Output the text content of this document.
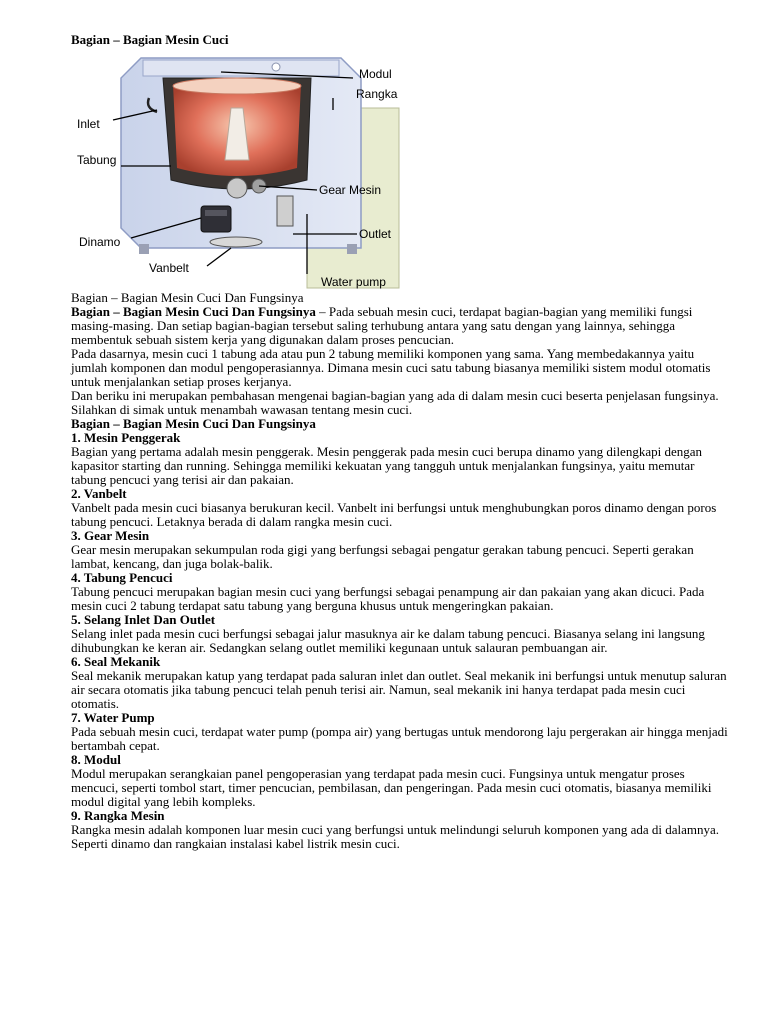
Bagian – Bagian Mesin Cuci

Modul
Rangka
Inlet
Tabung
Gear Mesin
Outlet
Dinamo
Vanbelt
Water pump

Bagian – Bagian Mesin Cuci Dan Fungsinya

Bagian – Bagian Mesin Cuci Dan Fungsinya – Pada sebuah mesin cuci, terdapat bagian-bagian yang memiliki fungsi masing-masing. Dan setiap bagian-bagian tersebut saling terhubung antara yang satu dengan yang lainnya, sehingga membentuk sebuah sistem kerja yang digunakan dalam proses pencucian.

Pada dasarnya, mesin cuci 1 tabung ada atau pun 2 tabung memiliki komponen yang sama. Yang membedakannya yaitu jumlah komponen dan modul pengoperasiannya. Dimana mesin cuci satu tabung biasanya memiliki sistem modul otomatis untuk menjalankan setiap proses kerjanya.

Dan beriku ini merupakan pembahasan mengenai bagian-bagian yang ada di dalam mesin cuci beserta penjelasan fungsinya. Silahkan di simak untuk menambah wawasan tentang mesin cuci.

Bagian – Bagian Mesin Cuci Dan Fungsinya

1. Mesin Penggerak

Bagian yang pertama adalah mesin penggerak. Mesin penggerak pada mesin cuci berupa dinamo yang dilengkapi dengan kapasitor starting dan running. Sehingga memiliki kekuatan yang tangguh untuk menjalankan fungsinya, yaitu memutar tabung pencuci yang terisi air dan pakaian.

2. Vanbelt

Vanbelt pada mesin cuci biasanya berukuran kecil. Vanbelt ini berfungsi untuk menghubungkan poros dinamo dengan poros tabung pencuci. Letaknya berada di dalam rangka mesin cuci.

3. Gear Mesin

Gear mesin merupakan sekumpulan roda gigi yang berfungsi sebagai pengatur gerakan tabung pencuci. Seperti gerakan lambat, kencang, dan juga bolak-balik.

4. Tabung Pencuci

Tabung pencuci merupakan bagian mesin cuci yang berfungsi sebagai penampung air dan pakaian yang akan dicuci. Pada mesin cuci 2 tabung terdapat satu tabung yang berguna khusus untuk mengeringkan pakaian.

5. Selang Inlet Dan Outlet

Selang inlet pada mesin cuci berfungsi sebagai jalur masuknya air ke dalam tabung pencuci. Biasanya selang ini langsung dihubungkan ke keran air. Sedangkan selang outlet memiliki kegunaan untuk salauran pembuangan air.

6. Seal Mekanik

Seal mekanik merupakan katup yang terdapat pada saluran inlet dan outlet. Seal mekanik ini berfungsi untuk menutup saluran air secara otomatis jika tabung pencuci telah penuh terisi air. Namun, seal mekanik ini hanya terdapat pada mesin cuci otomatis.

7. Water Pump

Pada sebuah mesin cuci, terdapat water pump (pompa air) yang bertugas untuk mendorong laju pergerakan air hingga menjadi bertambah cepat.

8. Modul

Modul merupakan serangkaian panel pengoperasian yang terdapat pada mesin cuci. Fungsinya untuk mengatur proses mencuci, seperti tombol start, timer pencucian, pembilasan, dan pengeringan. Pada mesin cuci otomatis, biasanya memiliki modul digital yang lebih kompleks.

9. Rangka Mesin

Rangka mesin adalah komponen luar mesin cuci yang berfungsi untuk melindungi seluruh komponen yang ada di dalamnya. Seperti dinamo dan rangkaian instalasi kabel listrik mesin cuci.
